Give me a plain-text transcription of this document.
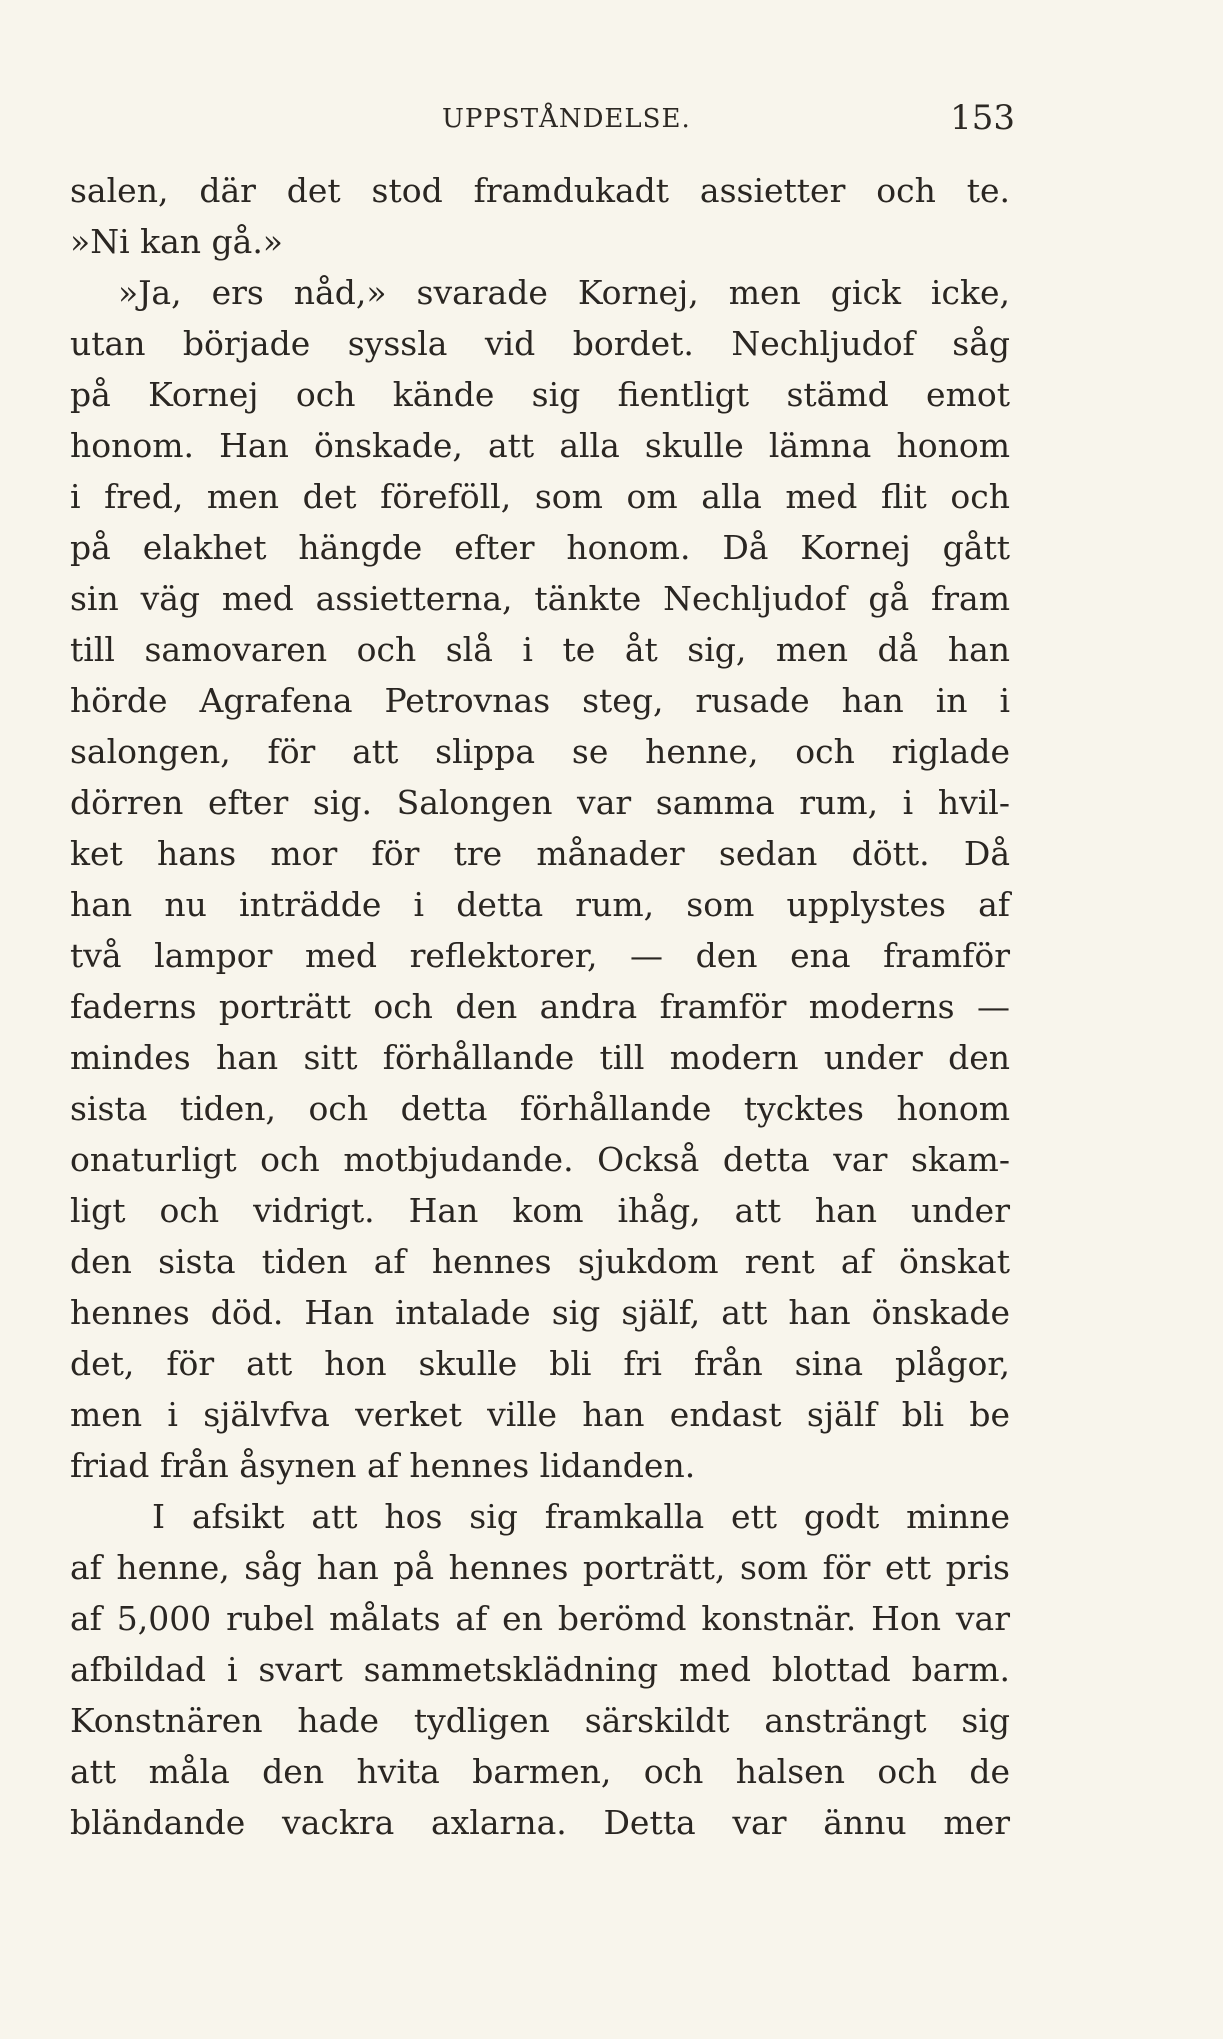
UPPSTÅNDELSE.	153
salen, där det stod framdukadt assietter och te.
»Ni kan gå.»
»Ja, ers nåd,» svarade Kornej, men gick icke,
utan började syssla vid bordet. Nechljudof såg
på Kornej och kände sig fientligt stämd emot
honom. Han önskade, att alla skulle lämna honom
i fred, men det föreföll, som om alla med flit och
på elakhet hängde efter honom. Då Kornej gått
sin väg med assietterna, tänkte Nechljudof gå fram
till samovaren och slå i te åt sig, men då han
hörde Agrafena Petrovnas steg, rusade han in i
salongen, för att slippa se henne, och riglade
dörren efter sig. Salongen var samma rum, i hvil-
ket hans mor för tre månader sedan dött. Då
han nu inträdde i detta rum, som upplystes af
två lampor med reflektorer, — den ena framför
faderns porträtt och den andra framför moderns —
mindes han sitt förhållande till modern under den
sista tiden, och detta förhållande tycktes honom
onaturligt och motbjudande. Också detta var skam-
ligt och vidrigt. Han kom ihåg, att han under
den sista tiden af hennes sjukdom rent af önskat
hennes död. Han intalade sig själf, att han önskade
det, för att hon skulle bli fri från sina plågor,
men i självfva verket ville han endast själf bli be
friad från åsynen af hennes lidanden.
I afsikt att hos sig framkalla ett godt minne
af henne, såg han på hennes porträtt, som för ett pris
af 5,000 rubel målats af en berömd konstnär. Hon var
afbildad i svart sammetsklädning med blottad barm.
Konstnären hade tydligen särskildt ansträngt sig
att måla den hvita barmen, och halsen och de
bländande vackra axlarna. Detta var ännu mer
